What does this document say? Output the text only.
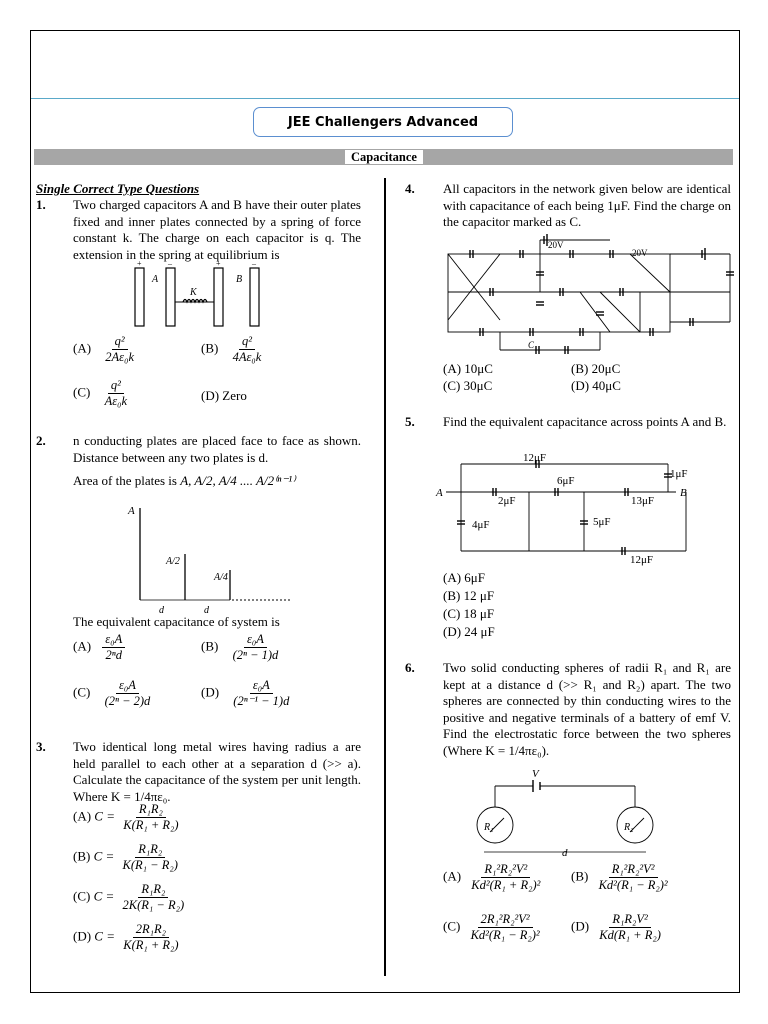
JEE Challengers Advanced
Capacitance
Single Correct Type Questions
1. Two charged capacitors A and B have their outer plates fixed and inner plates connected by a spring of force constant k. The charge on each capacitor is q. The extension in the spring at equilibrium is
A	B
K
+	–	+	–
$(A) \frac{\text{q²}}{\text{2Aε₀k}}$	$(B) \frac{\text{q²}}{\text{4Aε₀k}}$
$(C) \frac{\text{q²}}{\text{Aε₀k}}$	(D) Zero
2. n conducting plates are placed face to face as shown. Distance between any two plates is d.
Area of the plates is A, A/2, A/4 .... A/2⁽ⁿ⁻¹⁾
A
A/2
A/4
d	d
The equivalent capacitance of system is
$(A) \frac{\text{ε₀A}}{\text{2ⁿd}}$	$(B) \frac{\text{ε₀A}}{\text{(2ⁿ − 1)d}}$
$(C) \frac{\text{ε₀A}}{\text{(2ⁿ − 2)d}}$	$(D) \frac{\text{ε₀A}}{\text{(2ⁿ⁻¹ − 1)d}}$
3. Two identical long metal wires having radius a are held parallel to each other at a separation d (>> a). Calculate the capacitance of the system per unit length. Where K = 1/4πε₀.
(A) $C = \frac{\text{R₁R₂}}{\text{K(R₁ + R₂)}}$
(B) $C = \frac{\text{R₁R₂}}{\text{K(R₁ − R₂)}}$
(C) $C = \frac{\text{R₁R₂}}{\text{2K(R₁ − R₂)}}$
(D) $C = \frac{\text{2R₁R₂}}{\text{K(R₁ + R₂)}}$
4. All capacitors in the network given below are identical with capacitance of each being 1μF. Find the charge on the capacitor marked as C.
20V
20V
C
(A) 10μC	(B) 20μC
(C) 30μC	(D) 40μC
5. Find the equivalent capacitance across points A and B.
A	B
12μF
6μF
1μF
2μF	13μF
4μF	5μF
12μF
(A) 6μF
(B) 12 μF
(C) 18 μF
(D) 24 μF
6. Two solid conducting spheres of radii R₁ and R₁ are kept at a distance d (>> R₁ and R₂) apart. The two spheres are connected by thin conducting wires to the positive and negative terminals of a battery of emf V. Find the electrostatic force between the two spheres (Where K = 1/4πε₀).
V
R₁	R₂
d
$(A) \frac{\text{R₁²R₂²V²}}{\text{Kd²(R₁ + R₂)²}} (B) \frac{\text{R₁²R₂²V²}}{\text{Kd²(R₁ − R₂)²}}$
$(C) \frac{\text{2R₁²R₂²V²}}{\text{Kd²(R₁ − R₂)²}} (D) \frac{\text{R₁R₂V²}}{\text{Kd(R₁ + R₂)}}$
